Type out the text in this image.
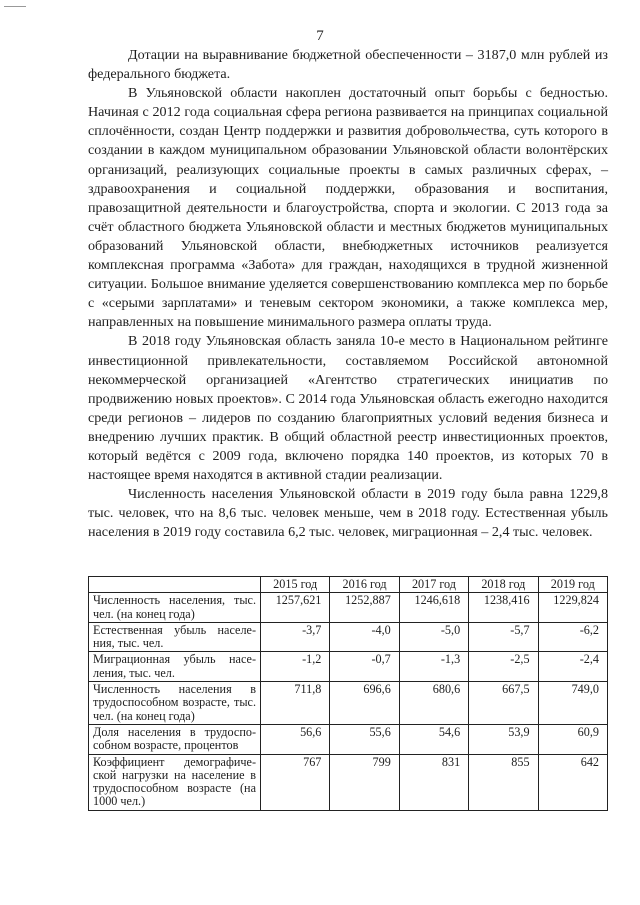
7

Дотации на выравнивание бюджетной обеспеченности – 3187,0 млн рублей из федерального бюджета.

В Ульяновской области накоплен достаточный опыт борьбы с бедностью. Начиная с 2012 года социальная сфера региона развивается на принципах социальной сплочённости, создан Центр поддержки и развития добровольчества, суть которого в создании в каждом муниципальном образовании Ульяновской области волонтёрских организаций, реализующих социальные проекты в самых различных сферах, – здравоохранения и социальной поддержки, образования и воспитания, правозащитной деятельности и благоустройства, спорта и экологии. С 2013 года за счёт областного бюджета Ульяновской области и местных бюджетов муниципальных образований Ульяновской области, внебюджетных источников реализуется комплексная программа «Забота» для граждан, находящихся в трудной жизненной ситуации. Большое внимание уделяется совершенствованию комплекса мер по борьбе с «серыми зарплатами» и теневым сектором экономики, а также комплекса мер, направленных на повышение минимального размера оплаты труда.

В 2018 году Ульяновская область заняла 10-е место в Национальном рейтинге инвестиционной привлекательности, составляемом Российской автономной некоммерческой организацией «Агентство стратегических инициатив по продвижению новых проектов». С 2014 года Ульяновская область ежегодно находится среди регионов – лидеров по созданию благоприятных условий ведения бизнеса и внедрению лучших практик. В общий областной реестр инвестиционных проектов, который ведётся с 2009 года, включено порядка 140 проектов, из которых 70 в настоящее время находятся в активной стадии реализации.

Численность населения Ульяновской области в 2019 году была равна 1229,8 тыс. человек, что на 8,6 тыс. человек меньше, чем в 2018 году. Естественная убыль населения в 2019 году составила 6,2 тыс. человек, миграционная – 2,4 тыс. человек.

	2015 год	2016 год	2017 год	2018 год	2019 год
Численность населения, тыс. чел. (на конец года)	1257,621	1252,887	1246,618	1238,416	1229,824
Естественная убыль населения, тыс. чел.	-3,7	-4,0	-5,0	-5,7	-6,2
Миграционная убыль населения, тыс. чел.	-1,2	-0,7	-1,3	-2,5	-2,4
Численность населения в трудоспособном возрасте, тыс. чел. (на конец года)	711,8	696,6	680,6	667,5	749,0
Доля населения в трудоспособном возрасте, процентов	56,6	55,6	54,6	53,9	60,9
Коэффициент демографической нагрузки на население в трудоспособном возрасте (на 1000 чел.)	767	799	831	855	642
